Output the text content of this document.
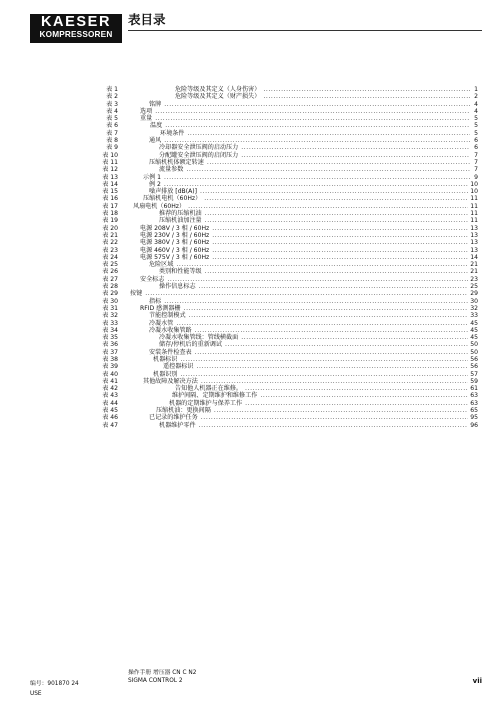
KAESER
KOMPRESSOREN
表目录
表 1	危险等级及其定义（人身伤害） .....	1
表 2	危险等级及其定义（财产损失） .....	2
表 3	铭牌 .....	4
表 4	选项 .....	4
表 5	重量 .....	5
表 6	温度 .....	5
表 7	环境条件 .....	5
表 8	通风 .....	6
表 9	冷却器安全泄压阀的启动压力 .....	6
表 10	分配罐安全泄压阀的启闭压力 .....	7
表 11	压缩机机体额定转速 .....	7
表 12	流量参数 .....	7
表 13	示例 1 .....	9
表 14	例 2 .....	10
表 15	噪声排放 [dB(A)] .....	10
表 16	压缩机电机（60Hz） .....	11
表 17 风扇电机（60Hz） .....	11
表 18	推荐的压缩机油 .....	11
表 19	压缩机油加注量 .....	11
表 20	电源 208V / 3 相 / 60Hz .....	13
表 21	电源 230V / 3 相 / 60Hz .....	13
表 22	电源 380V / 3 相 / 60Hz .....	13
表 23	电源 460V / 3 相 / 60Hz .....	13
表 24	电源 575V / 3 相 / 60Hz .....	14
表 25	危险区域 .....	21
表 26	类别和性能等级 .....	21
表 27	安全标志 .....	23
表 28	操作信息标志 .....	25
表 29 按键 .....	29
表 30	指标 .....	30
表 31	RFID 感测器栅 .....	32
表 32	节能控制模式 .....	33
表 33	冷凝水管 .....	45
表 34	冷凝水收集管路 .....	45
表 35	冷凝水收集管线：管线横截面 .....	45
表 36	储存/停机后的重新调试 .....	50
表 37	安装条件检查表 .....	50
表 38	机器标识 .....	56
表 39	遥控器标识 .....	56
表 40	机器识别 .....	57
表 41	其他故障及解决方法 .....	59
表 42	告知他人机器正在维修。 .....	61
表 43	维护间隔、定期维护和维修工作 .....	63
表 44	机器的定期维护与保养工作 .....	63
表 45	压缩机油：更换间隔 .....	65
表 46	已记录的维护任务 .....	95
表 47	机器维护零件 .....	96
操作手册 增压器 CN C N2
SIGMA CONTROL 2
编号：901870 24
USE
vii
